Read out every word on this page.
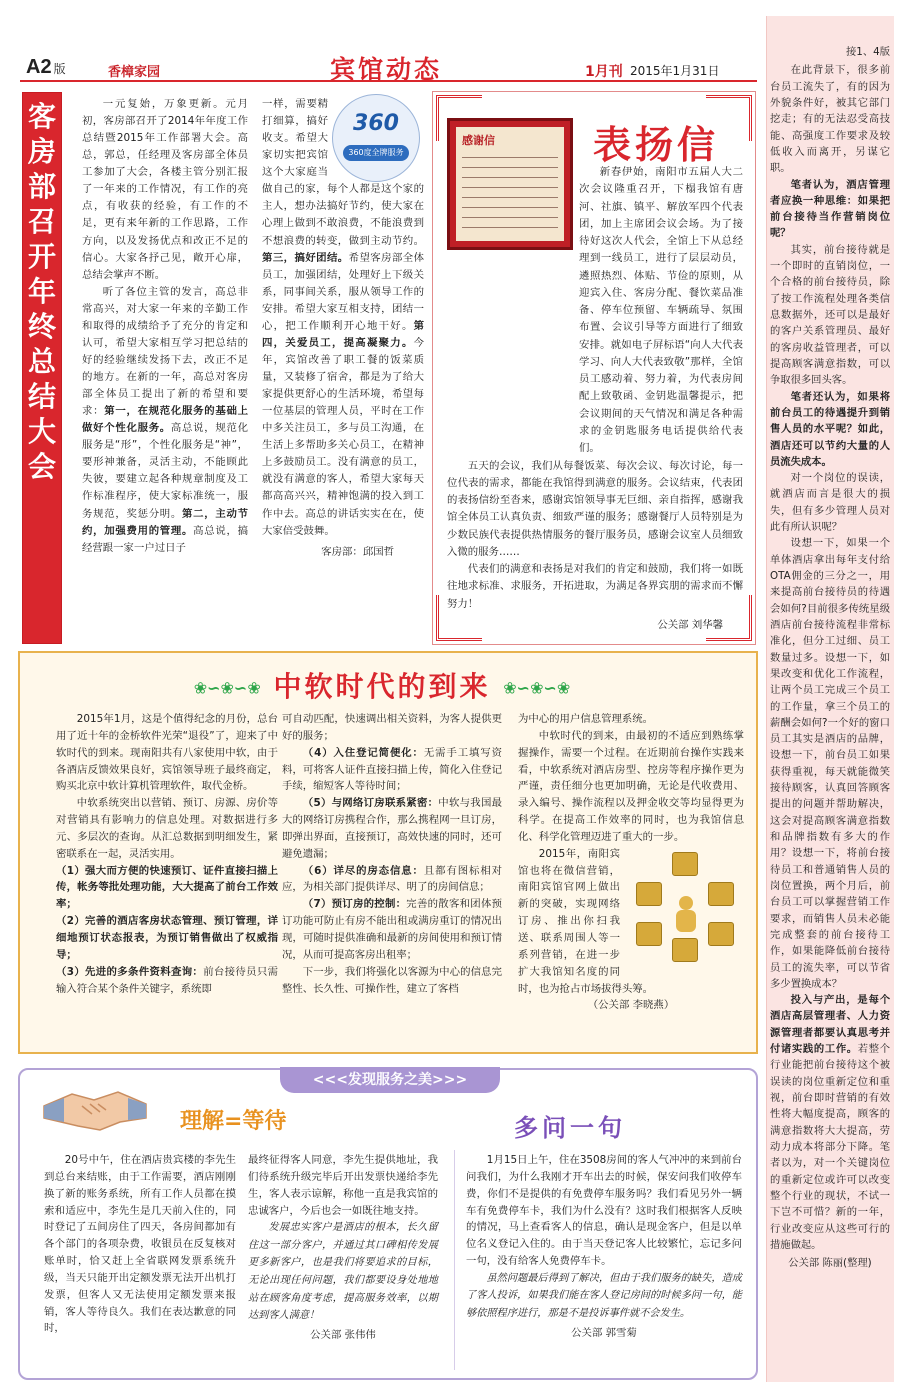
A2 版	香樟家园	宾馆动态	1月刊 2015年1月31日
客房部召开年终总结大会

一元复始，万象更新。元月初，客房部召开了2014年年度工作总结暨2015年工作部署大会。高总，郭总，任经理及客房部全体员工参加了大会，各楼主管分别汇报了一年来的工作情况，有工作的亮点，有收获的经验，有工作的不足，更有来年新的工作思路，工作方向，以及发扬优点和改正不足的信心。大家各抒己见，敞开心扉，总结会掌声不断。

听了各位主管的发言，高总非常高兴，对大家一年来的辛勤工作和取得的成绩给予了充分的肯定和认可，希望大家相互学习把总结的好的经验继续发扬下去，改正不足的地方。在新的一年，高总对客房部全体员工提出了新的希望和要求：第一，在规范化服务的基础上做好个性化服务。高总说，规范化服务是“形”，个性化服务是“神”，要形神兼备，灵活主动，不能顾此失彼，要建立起各种规章制度及工作标准程序，使大家标准统一，服务规范，奖惩分明。第二，主动节约，加强费用的管理。高总说，搞经营跟一家一户过日子

一样，需要精打细算，搞好收支。希望大家切实把宾馆这个大家庭当做自己的家，每个人都是这个家的主人，想办法搞好节约，使大家在心理上做到不敢浪费，不能浪费到不想浪费的转变，做到主动节约。第三，搞好团结。希望客房部全体员工，加强团结，处理好上下级关系，同事间关系，服从领导工作的安排。希望大家互相支持，团结一心，把工作顺利开心地干好。第四，关爱员工，提高凝聚力。今年，宾馆改善了职工餐的饭菜质量，又装修了宿舍，都是为了给大家提供更舒心的生活环境，希望每一位基层的管理人员，平时在工作中多关注员工，多与员工沟通，在生活上多帮助多关心员工，在精神上多鼓励员工。没有满意的员工，就没有满意的客人，希望大家每天都高高兴兴，精神饱满的投入到工作中去。高总的讲话实实在在，使大家倍受鼓舞。

客房部：邱国哲

360
360度全牌服务
感谢信	表扬信

新春伊始，南阳市五届人大二次会议隆重召开，下榻我馆有唐河、社旗、镇平、解放军四个代表团，加上主席团会议会场。为了接待好这次人代会，全馆上下从总经理到一线员工，进行了层层动员，遴照热烈、体贴、节俭的原则，从迎宾入住、客房分配、餐饮菜品准备、停车位预留、车辆疏导、氛围布置、会议引导等方面进行了细致安排。就如电子屏标语“向人大代表学习、向人大代表致敬”那样，全馆员工感动着、努力着，为代表房间配上致敬函、金钥匙温馨提示，把会议期间的天气情况和满足各种需求的金钥匙服务电话提供给代表们。

五天的会议，我们从每餐饭菜、每次会议、每次讨论，每一位代表的需求，都能在我馆得到满意的服务。会议结束，代表团的表扬信纷至沓来，感谢宾馆领导事无巨细、亲自指挥，感谢我馆全体员工认真负责、细致严谨的服务；感谢餐厅人员特别是为少数民族代表提供热情服务的餐厅服务员，感谢会议室人员细致入微的服务……

代表们的满意和表扬是对我们的肯定和鼓励，我们将一如既往地求标准、求服务，开拓进取，为满足各界宾朋的需求而不懈努力！

公关部 刘华馨

❀∽❀∽❀ 中软时代的到来 ❀∽❀∽❀

2015年1月，这是个值得纪念的月份，总台用了近十年的金桥软件光荣“退役”了，迎来了中软时代的到来。现南阳共有八家使用中软，由于各酒店反馈效果良好，宾馆领导班子最终商定，购买北京中软计算机管理软件，取代金桥。

中软系统突出以营销、预订、房源、房价等对营销具有影响力的信息处理。对数据进行多元、多层次的查询。从汇总数据到明细发生，紧密联系在一起，灵活实用。

（1）强大而方便的快速预订、证件直接扫描上传，帐务等批处理功能，大大提高了前台工作效率；

（2）完善的酒店客房状态管理、预订管理，详细地预订状态报表，为预订销售做出了权威指导；

（3）先进的多条件资料查询：前台接待员只需输入符合某个条件关键字，系统即

可自动匹配，快速调出相关资料，为客人提供更好的服务；

（4）入住登记简便化：无需手工填写资料，可将客人证件直接扫描上传，简化入住登记手续，缩短客人等待时间；

（5）与网络订房联系紧密：中软与我国最大的网络订房携程合作，那么携程网一旦订房，即弹出界面，直接预订，高效快速的同时，还可避免遗漏；

（6）详尽的房态信息：且都有图标相对应，为相关部门提供详尽、明了的房间信息；

（7）预订房的控制：完善的散客和团体预订功能可防止有房不能出租或满房重订的情况出现，可随时提供准确和最新的房间使用和预订情况，从而可提高客房出租率；

下一步，我们将强化以客源为中心的信息完整性、长久性、可操作性，建立了客档

为中心的用户信息管理系统。

中软时代的到来，由最初的不适应到熟练掌握操作，需要一个过程。在近期前台操作实践来看，中软系统对酒店房型、控房等程序操作更为严谨，责任细分也更加明确，无论是代收费用、录入编号、操作流程以及押金收交等均显得更为科学。在提高工作效率的同时，也为我馆信息化、科学化管理迈进了重大的一步。

2015年，南阳宾馆也将在微信营销，南阳宾馆官网上做出新的突破，实现网络订房、推出你扫我送、联系周围人等一系列营销，在进一步扩大我馆知名度的同时，也为抢占市场拔得头筹。

（公关部 李晓燕）

<<<发现服务之美>>>
理解=等待	多问一句

20号中午，住在酒店贵宾楼的李先生到总台来结账，由于工作需要，酒店刚刚换了新的账务系统，所有工作人员都在摸索和适应中，李先生是几天前入住的，同时登记了五间房住了四天，各房间都加有各个部门的各项杂费，收银员在反复核对账单时，恰又赶上全省联网发票系统升级，当天只能开出定额发票无法开出机打发票，但客人又无法使用定额发票来报销，客人等待良久。我们在表达歉意的同时，

最终征得客人同意，李先生提供地址，我们待系统升级完毕后开出发票快递给李先生，客人表示谅解，称他一直是我宾馆的忠诚客户，今后也会一如既往地支持。

发展忠实客户是酒店的根本，长久留住这一部分客户，并通过其口碑相传发展更多新客户，也是我们将要追求的目标，无论出现任何问题，我们都要设身处地地站在顾客角度考虑，提高服务效率，以期达到客人满意！

公关部 张伟伟

1月15日上午，住在3508房间的客人气冲冲的来到前台问我们，为什么我刚才开车出去的时候，保安问我们收停车费，你们不是提供的有免费停车服务吗？我们看见另外一辆车有免费停车卡，我们为什么没有？这时我们根据客人反映的情况，马上查看客人的信息，确认是现金客户，但是以单位名义登记入住的。由于当天登记客人比较繁忙，忘记多问一句，没有给客人免费停车卡。

虽然问题最后得到了解决，但由于我们服务的缺失，造成了客人投诉，如果我们能在客人登记房间的时候多问一句，能够依照程序进行，那是不是投诉事件就不会发生。

公关部 郭雪菊

接1、4版

在此背景下，很多前台员工流失了，有的因为外貌条件好，被其它部门挖走；有的无法忍受高技能、高强度工作要求及较低收入而离开，另谋它职。

笔者认为，酒店管理者应换一种思维：如果把前台接待当作营销岗位呢？

其实，前台接待就是一个即时的直销岗位，一个合格的前台接待员，除了按工作流程处理各类信息数据外，还可以是最好的客户关系管理员、最好的客房收益管理者，可以提高顾客满意指数，可以争取很多回头客。

笔者还认为，如果将前台员工的待遇提升到销售人员的水平呢？如此，酒店还可以节约大量的人员流失成本。

对一个岗位的误读，就酒店而言是很大的损失，但有多少管理人员对此有所认识呢？

设想一下，如果一个单体酒店拿出每年支付给OTA佣金的三分之一，用来提高前台接待员的待遇会如何?目前很多传统星级酒店前台接待流程非常标准化，但分工过细、员工数量过多。设想一下，如果改变和优化工作流程，让两个员工完成三个员工的工作量，拿三个员工的薪酬会如何?一个好的窗口员工其实是酒店的品牌，设想一下，前台员工如果获得重视，每天就能微笑接待顾客，认真回答顾客提出的问题并帮助解决，这会对提高顾客满意指数和品牌指数有多大的作用？设想一下，将前台接待员工和普通销售人员的岗位置换，两个月后，前台员工可以掌握营销工作要求，而销售人员未必能完成整套的前台接待工作，如果能降低前台接待员工的流失率，可以节省多少置换成本？

投入与产出，是每个酒店高层管理者、人力资源管理者都要认真思考并付诸实践的工作。若整个行业能把前台接待这个被误读的岗位重新定位和重视，前台即时营销的有效性将大幅度提高，顾客的满意指数将大大提高，劳动力成本将部分下降。笔者以为，对一个关键岗位的重新定位或许可以改变整个行业的现状，不试一下岂不可惜？新的一年，行业改变应从这些可行的措施做起。

公关部 陈丽(整理)
